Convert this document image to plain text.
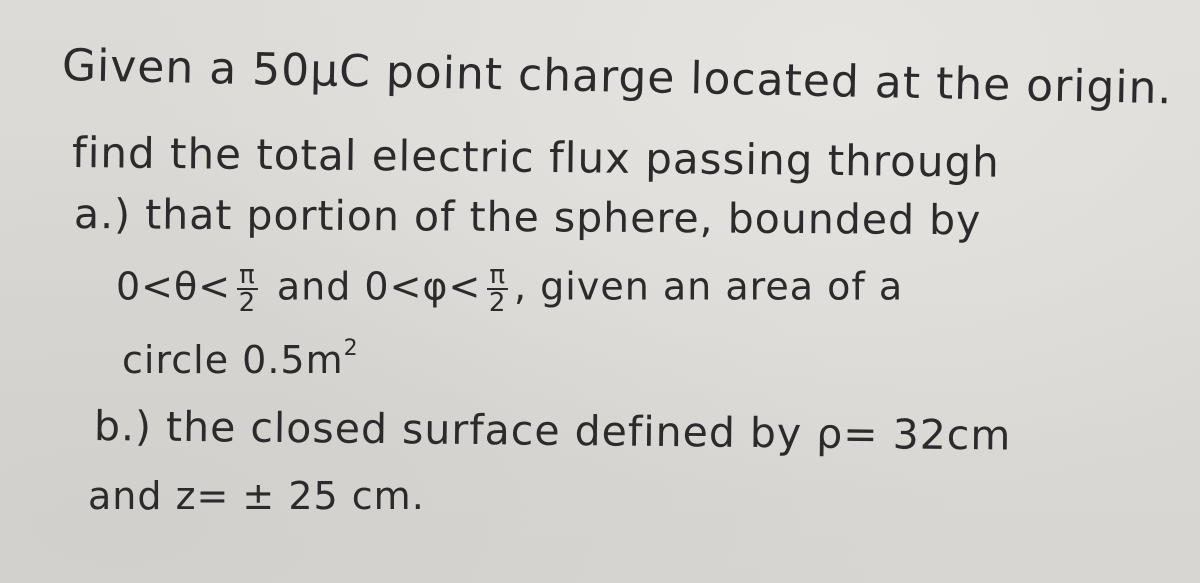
Given a 50μC point charge located at the origin.
find the total electric flux passing through
a.) that portion of the sphere, bounded by
$0<\theta< \frac{\pi}{2}$ and $0<\varphi< \frac{\pi}{2}$ , given an area of a
circle $0.5m^2$
b.) the closed surface defined by ρ= 32cm
and z= ± 25 cm.
